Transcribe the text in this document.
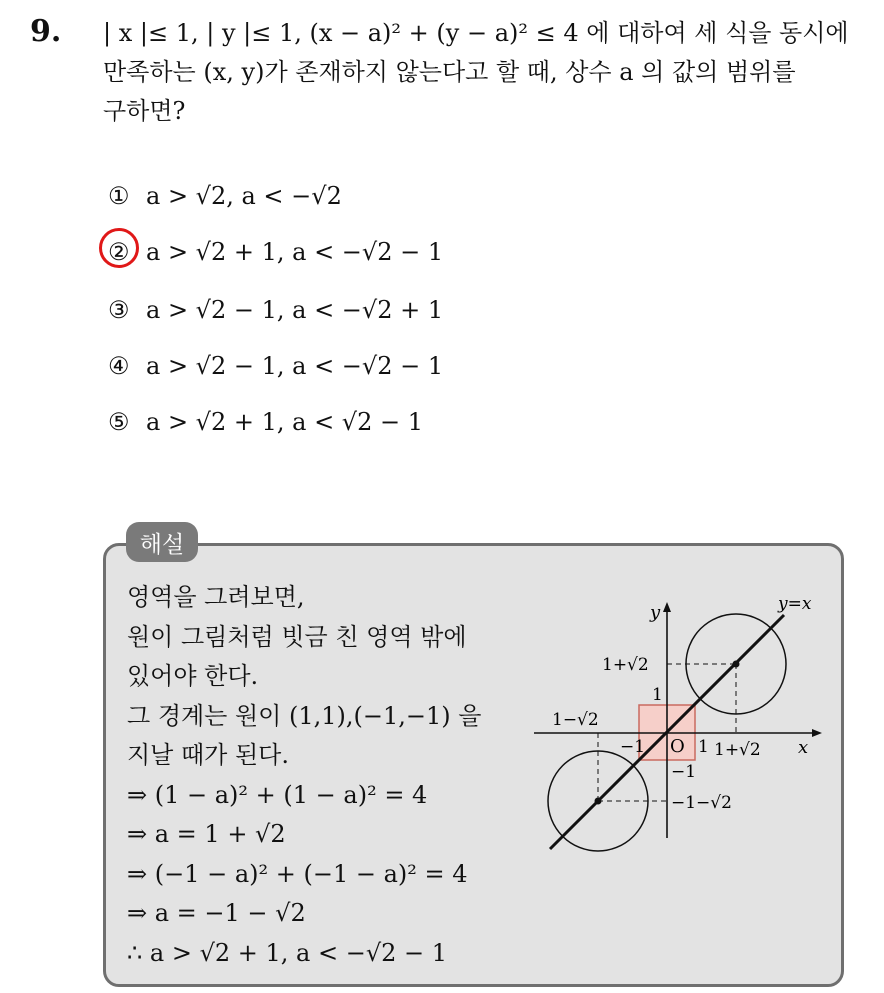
9. | x |≤ 1, | y |≤ 1, (x − a)² + (y − a)² ≤ 4 에 대하여 세 식을 동시에
만족하는 (x, y)가 존재하지 않는다고 할 때, 상수 a 의 값의 범위를
구하면?
① a > √2, a < −√2
② a > √2 + 1, a < −√2 − 1
③ a > √2 − 1, a < −√2 + 1
④ a > √2 − 1, a < −√2 − 1
⑤ a > √2 + 1, a < √2 − 1
해설
영역을 그려보면,
원이 그림처럼 빗금 친 영역 밖에
있어야 한다.
그 경계는 원이 (1,1),(−1,−1) 을
지날 때가 된다.
⇒ (1 − a)² + (1 − a)² = 4
⇒ a = 1 + √2
⇒ (−1 − a)² + (−1 − a)² = 4
⇒ a = −1 − √2
∴ a > √2 + 1, a < −√2 − 1
y	y=x
1+√2
1
1−√2
−1 O 1 1+√2 x
−1
−1−√2
